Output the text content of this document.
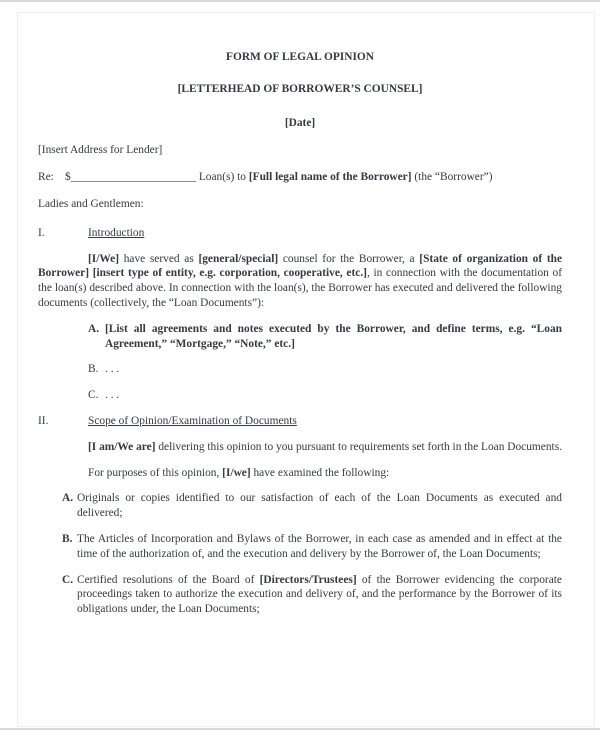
FORM OF LEGAL OPINION
[LETTERHEAD OF BORROWER’S COUNSEL]
[Date]
[Insert Address for Lender]
Re: $______________________ Loan(s) to [Full legal name of the Borrower] (the “Borrower”)
Ladies and Gentlemen:
I.	Introduction
[I/We] have served as [general/special] counsel for the Borrower, a [State of organization of the Borrower] [insert type of entity, e.g. corporation, cooperative, etc.], in connection with the documentation of the loan(s) described above. In connection with the loan(s), the Borrower has executed and delivered the following documents (collectively, the “Loan Documents”):
A. [List all agreements and notes executed by the Borrower, and define terms, e.g. “Loan Agreement,” “Mortgage,” “Note,” etc.]
B. . . .
C. . . .
II.	Scope of Opinion/Examination of Documents
[I am/We are] delivering this opinion to you pursuant to requirements set forth in the Loan Documents.
For purposes of this opinion, [I/we] have examined the following:
A. Originals or copies identified to our satisfaction of each of the Loan Documents as executed and delivered;
B. The Articles of Incorporation and Bylaws of the Borrower, in each case as amended and in effect at the time of the authorization of, and the execution and delivery by the Borrower of, the Loan Documents;
C. Certified resolutions of the Board of [Directors/Trustees] of the Borrower evidencing the corporate proceedings taken to authorize the execution and delivery of, and the performance by the Borrower of its obligations under, the Loan Documents;
